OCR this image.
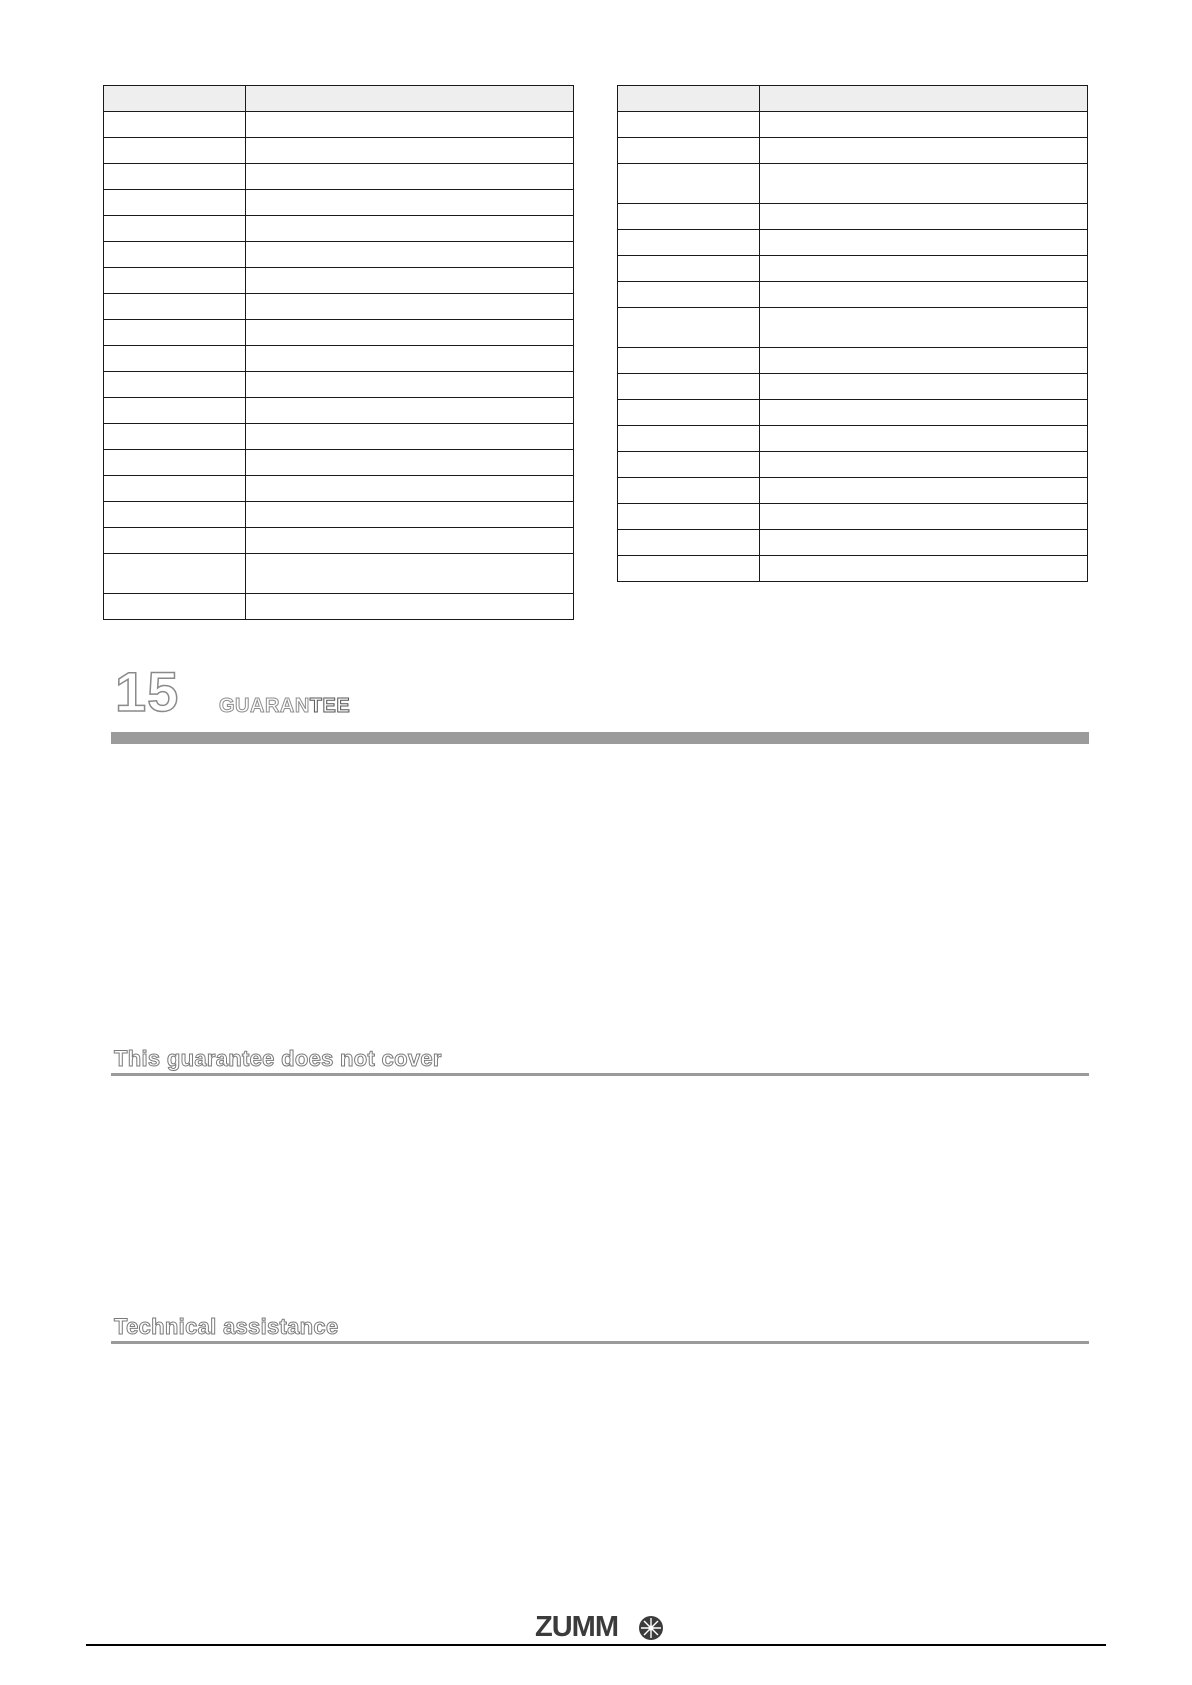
15 GUARANTEE
This guarantee does not cover
Technical assistance
ZUMM
